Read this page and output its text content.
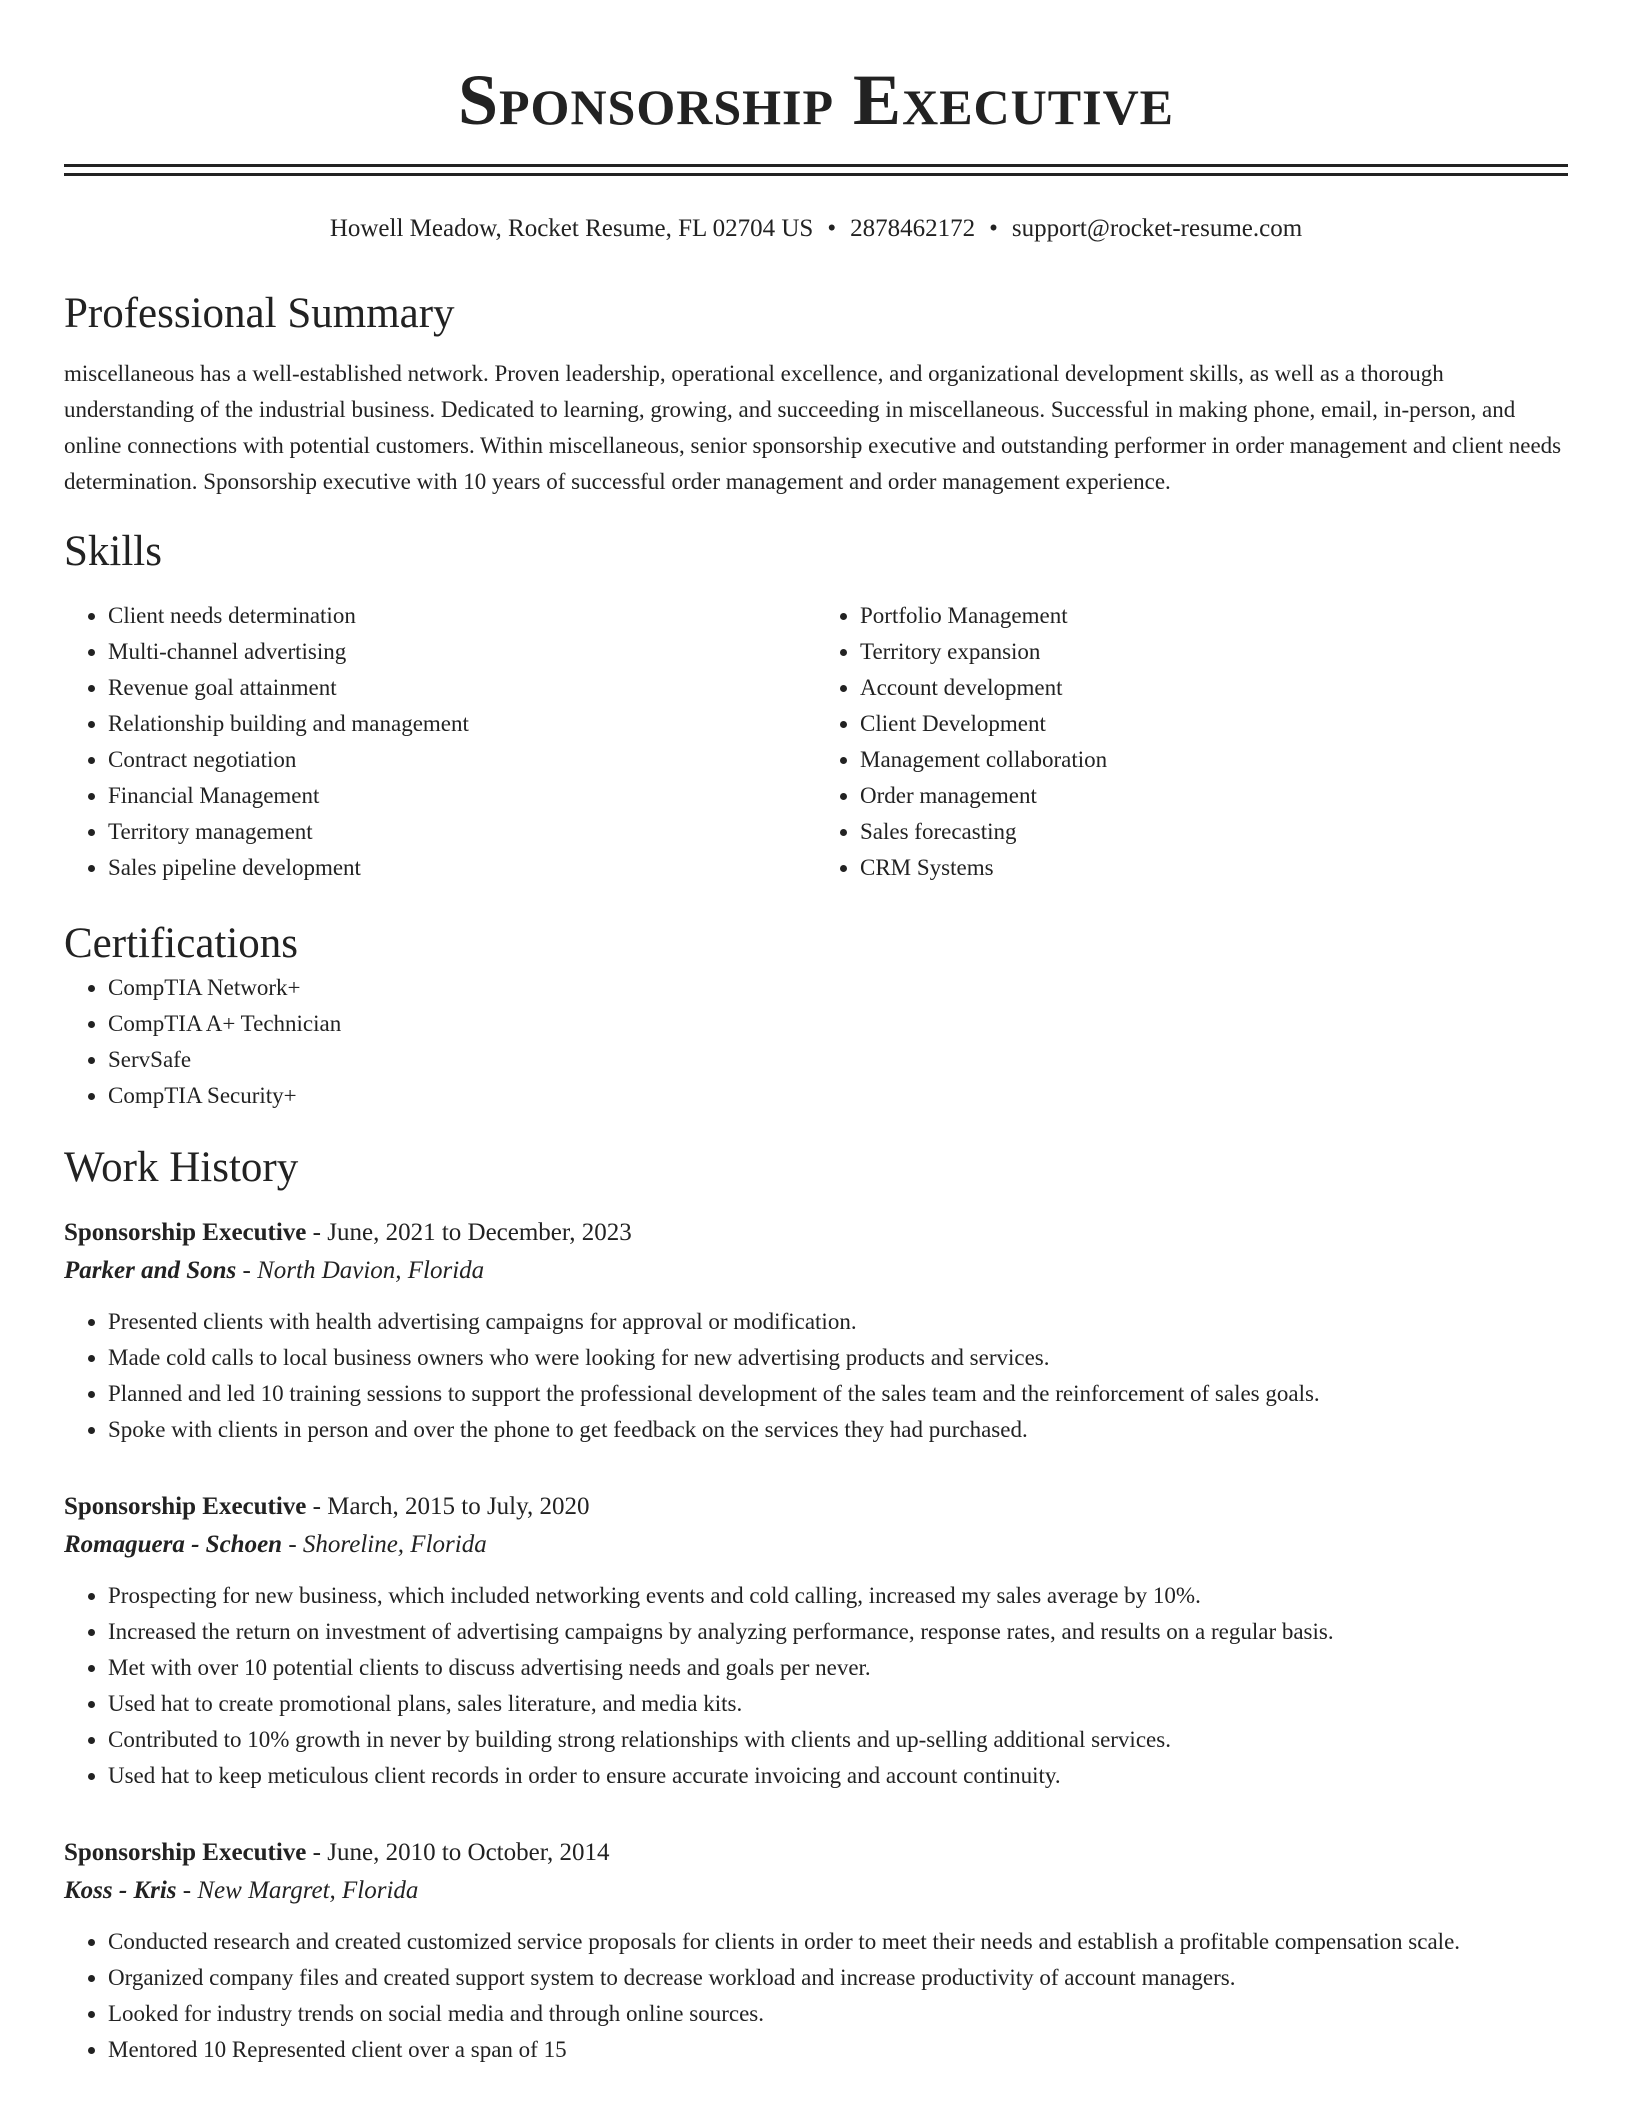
Sponsorship Executive
Howell Meadow, Rocket Resume, FL 02704 US • 2878462172 • support@rocket-resume.com
Professional Summary

miscellaneous has a well-established network. Proven leadership, operational excellence, and organizational development skills, as well as a thorough understanding of the industrial business. Dedicated to learning, growing, and succeeding in miscellaneous. Successful in making phone, email, in-person, and online connections with potential customers. Within miscellaneous, senior sponsorship executive and outstanding performer in order management and client needs determination. Sponsorship executive with 10 years of successful order management and order management experience.

Skills
• Client needs determination
• Multi-channel advertising
• Revenue goal attainment
• Relationship building and management
• Contract negotiation
• Financial Management
• Territory management
• Sales pipeline development
• Portfolio Management
• Territory expansion
• Account development
• Client Development
• Management collaboration
• Order management
• Sales forecasting
• CRM Systems
Certifications
• CompTIA Network+
• CompTIA A+ Technician
• ServSafe
• CompTIA Security+
Work History
Sponsorship Executive - June, 2021 to December, 2023
Parker and Sons - North Davion, Florida
• Presented clients with health advertising campaigns for approval or modification.
• Made cold calls to local business owners who were looking for new advertising products and services.
• Planned and led 10 training sessions to support the professional development of the sales team and the reinforcement of sales goals.
• Spoke with clients in person and over the phone to get feedback on the services they had purchased.
Sponsorship Executive - March, 2015 to July, 2020
Romaguera - Schoen - Shoreline, Florida
• Prospecting for new business, which included networking events and cold calling, increased my sales average by 10%.
• Increased the return on investment of advertising campaigns by analyzing performance, response rates, and results on a regular basis.
• Met with over 10 potential clients to discuss advertising needs and goals per never.
• Used hat to create promotional plans, sales literature, and media kits.
• Contributed to 10% growth in never by building strong relationships with clients and up-selling additional services.
• Used hat to keep meticulous client records in order to ensure accurate invoicing and account continuity.
Sponsorship Executive - June, 2010 to October, 2014
Koss - Kris - New Margret, Florida
• Conducted research and created customized service proposals for clients in order to meet their needs and establish a profitable compensation scale.
• Organized company files and created support system to decrease workload and increase productivity of account managers.
• Looked for industry trends on social media and through online sources.
• Mentored 10 Represented client over a span of 15
